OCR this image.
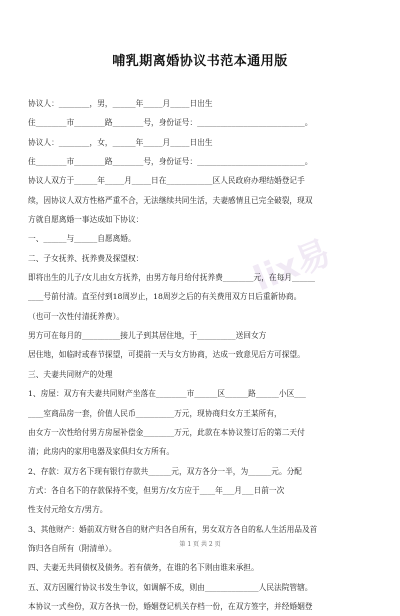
哺乳期离婚协议书范本通用版
lix易
协议人：________，男，______年_____月_____日出生
住________市________路________号，身份证号：____________________________。
协议人：________，女，______年_____月_____日出生
住________市________路________号，身份证号：____________________________。
协议人双方于______年_____月_____日在____________区人民政府办理结婚登记手
续，因协议人双方性格严重不合，无法继续共同生活，夫妻感情且已完全破裂，现双
方就自愿离婚一事达成如下协议：
一、______与______自愿离婚。
二、子女抚养、抚养费及探望权：
即将出生的儿子/女儿由女方抚养，由男方每月给付抚养费________元，在每月______
____号前付清。直至付到18周岁止，18周岁之后的有关费用双方日后重新协商。
（也可一次性付清抚养费）。
男方可在每月的__________接儿子到其居住地，于__________送回女方
居住地，如临时或春节探望，可提前一天与女方协商，达成一致意见后方可探望。
三、夫妻共同财产的处理
1、房屋：双方有夫妻共同财产坐落在________市______区______路______小区___
____室商品房一套，价值人民币__________万元，现协商归女方王某所有，
由女方一次性给付男方房屋补偿金________万元，此款在本协议签订后的第二天付
清；此房内的家用电器及家俱归女方所有。
2、存款：双方名下现有银行存款共______元，双方各分一半，为______元。分配
方式：各自名下的存款保持不变，但男方/女方应于____年___月___日前一次
性支付元给女方/男方。
3、其他财产：婚前双方财各自的财产归各自所有，男女双方各自的私人生活用品及首
饰归各自所有（附清单）。
四、夫妻无共同债权及债务。若有债务，在谁的名下则由谁来承担。
五、双方因履行协议书发生争议，如调解不成，则由______________人民法院管辖。
本协议一式叁份，双方各执一份，婚姻登记机关存档一份，在双方签字，并经婚姻登
第 1 页 共 2 页
